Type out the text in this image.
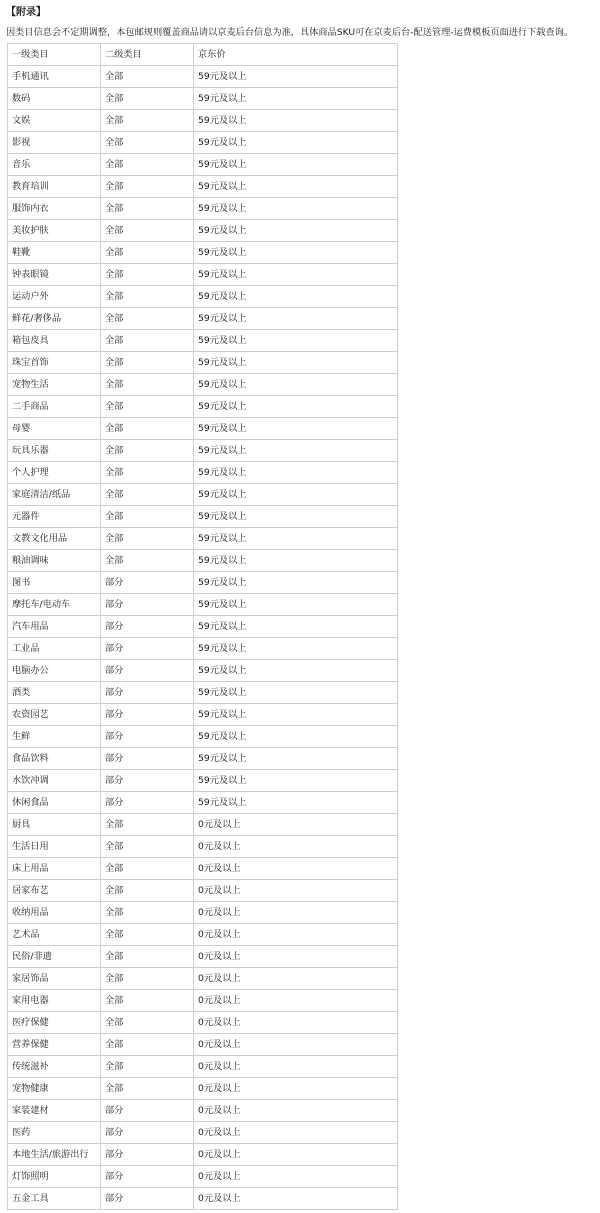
【附录】
因类目信息会不定期调整，本包邮规则覆盖商品请以京麦后台信息为准，具体商品SKU可在京麦后台-配送管理-运费模板页面进行下载查询。
一级类目	二级类目	京东价
手机通讯	全部	59元及以上
数码	全部	59元及以上
文娱	全部	59元及以上
影视	全部	59元及以上
音乐	全部	59元及以上
教育培训	全部	59元及以上
服饰内衣	全部	59元及以上
美妆护肤	全部	59元及以上
鞋靴	全部	59元及以上
钟表眼镜	全部	59元及以上
运动户外	全部	59元及以上
鲜花/奢侈品	全部	59元及以上
箱包皮具	全部	59元及以上
珠宝首饰	全部	59元及以上
宠物生活	全部	59元及以上
二手商品	全部	59元及以上
母婴	全部	59元及以上
玩具乐器	全部	59元及以上
个人护理	全部	59元及以上
家庭清洁/纸品	全部	59元及以上
元器件	全部	59元及以上
文教文化用品	全部	59元及以上
粮油调味	全部	59元及以上
图书	部分	59元及以上
摩托车/电动车	部分	59元及以上
汽车用品	部分	59元及以上
工业品	部分	59元及以上
电脑办公	部分	59元及以上
酒类	部分	59元及以上
农资园艺	部分	59元及以上
生鲜	部分	59元及以上
食品饮料	部分	59元及以上
水饮冲调	部分	59元及以上
休闲食品	部分	59元及以上
厨具	全部	0元及以上
生活日用	全部	0元及以上
床上用品	全部	0元及以上
居家布艺	全部	0元及以上
收纳用品	全部	0元及以上
艺术品	全部	0元及以上
民俗/非遗	全部	0元及以上
家居饰品	全部	0元及以上
家用电器	全部	0元及以上
医疗保健	全部	0元及以上
营养保健	全部	0元及以上
传统滋补	全部	0元及以上
宠物健康	全部	0元及以上
家装建材	部分	0元及以上
医药	部分	0元及以上
本地生活/旅游出行	部分	0元及以上
灯饰照明	部分	0元及以上
五金工具	部分	0元及以上
